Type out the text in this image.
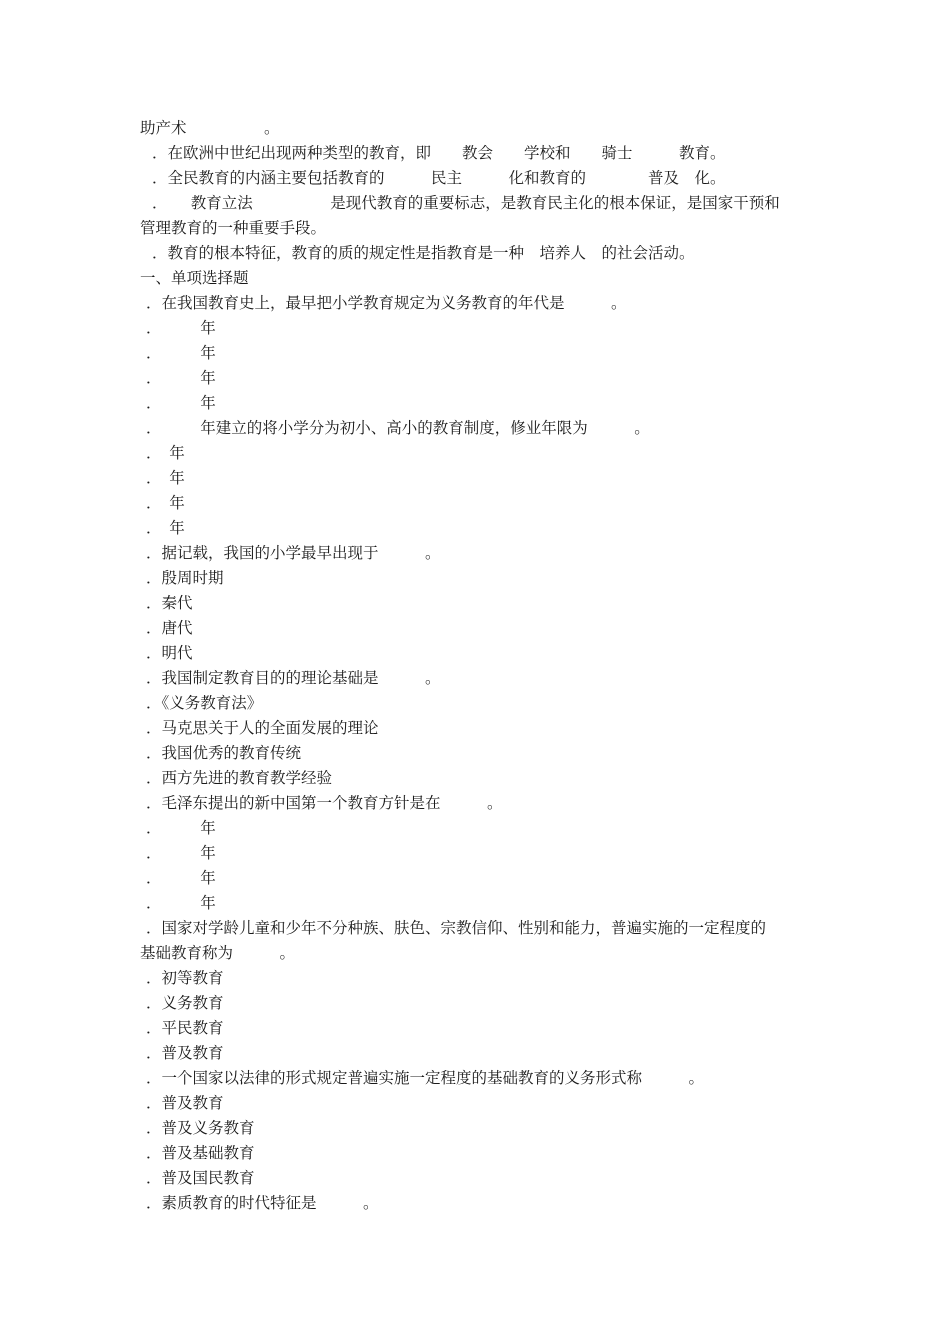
助产术　　　　　。
．在欧洲中世纪出现两种类型的教育，即　　教会　　学校和　　骑士　　　教育。
．全民教育的内涵主要包括教育的　　　民主　　　化和教育的　　　　普及　化。
．　　教育立法　　　　　是现代教育的重要标志，是教育民主化的根本保证，是国家干预和
管理教育的一种重要手段。
．教育的根本特征，教育的质的规定性是指教育是一种　培养人　的社会活动。
一、单项选择题
．在我国教育史上，最早把小学教育规定为义务教育的年代是　　　。
．　　　年
．　　　年
．　　　年
．　　　年
．　　　年建立的将小学分为初小、高小的教育制度，修业年限为　　　。
．　年
．　年
．　年
．　年
．据记载，我国的小学最早出现于　　　。
．殷周时期
．秦代
．唐代
．明代
．我国制定教育目的的理论基础是　　　。
．《义务教育法》
．马克思关于人的全面发展的理论
．我国优秀的教育传统
．西方先进的教育教学经验
．毛泽东提出的新中国第一个教育方针是在　　　。
．　　　年
．　　　年
．　　　年
．　　　年
．国家对学龄儿童和少年不分种族、肤色、宗教信仰、性别和能力，普遍实施的一定程度的
基础教育称为　　　。
．初等教育
．义务教育
．平民教育
．普及教育
．一个国家以法律的形式规定普遍实施一定程度的基础教育的义务形式称　　　。
．普及教育
．普及义务教育
．普及基础教育
．普及国民教育
．素质教育的时代特征是　　　。
